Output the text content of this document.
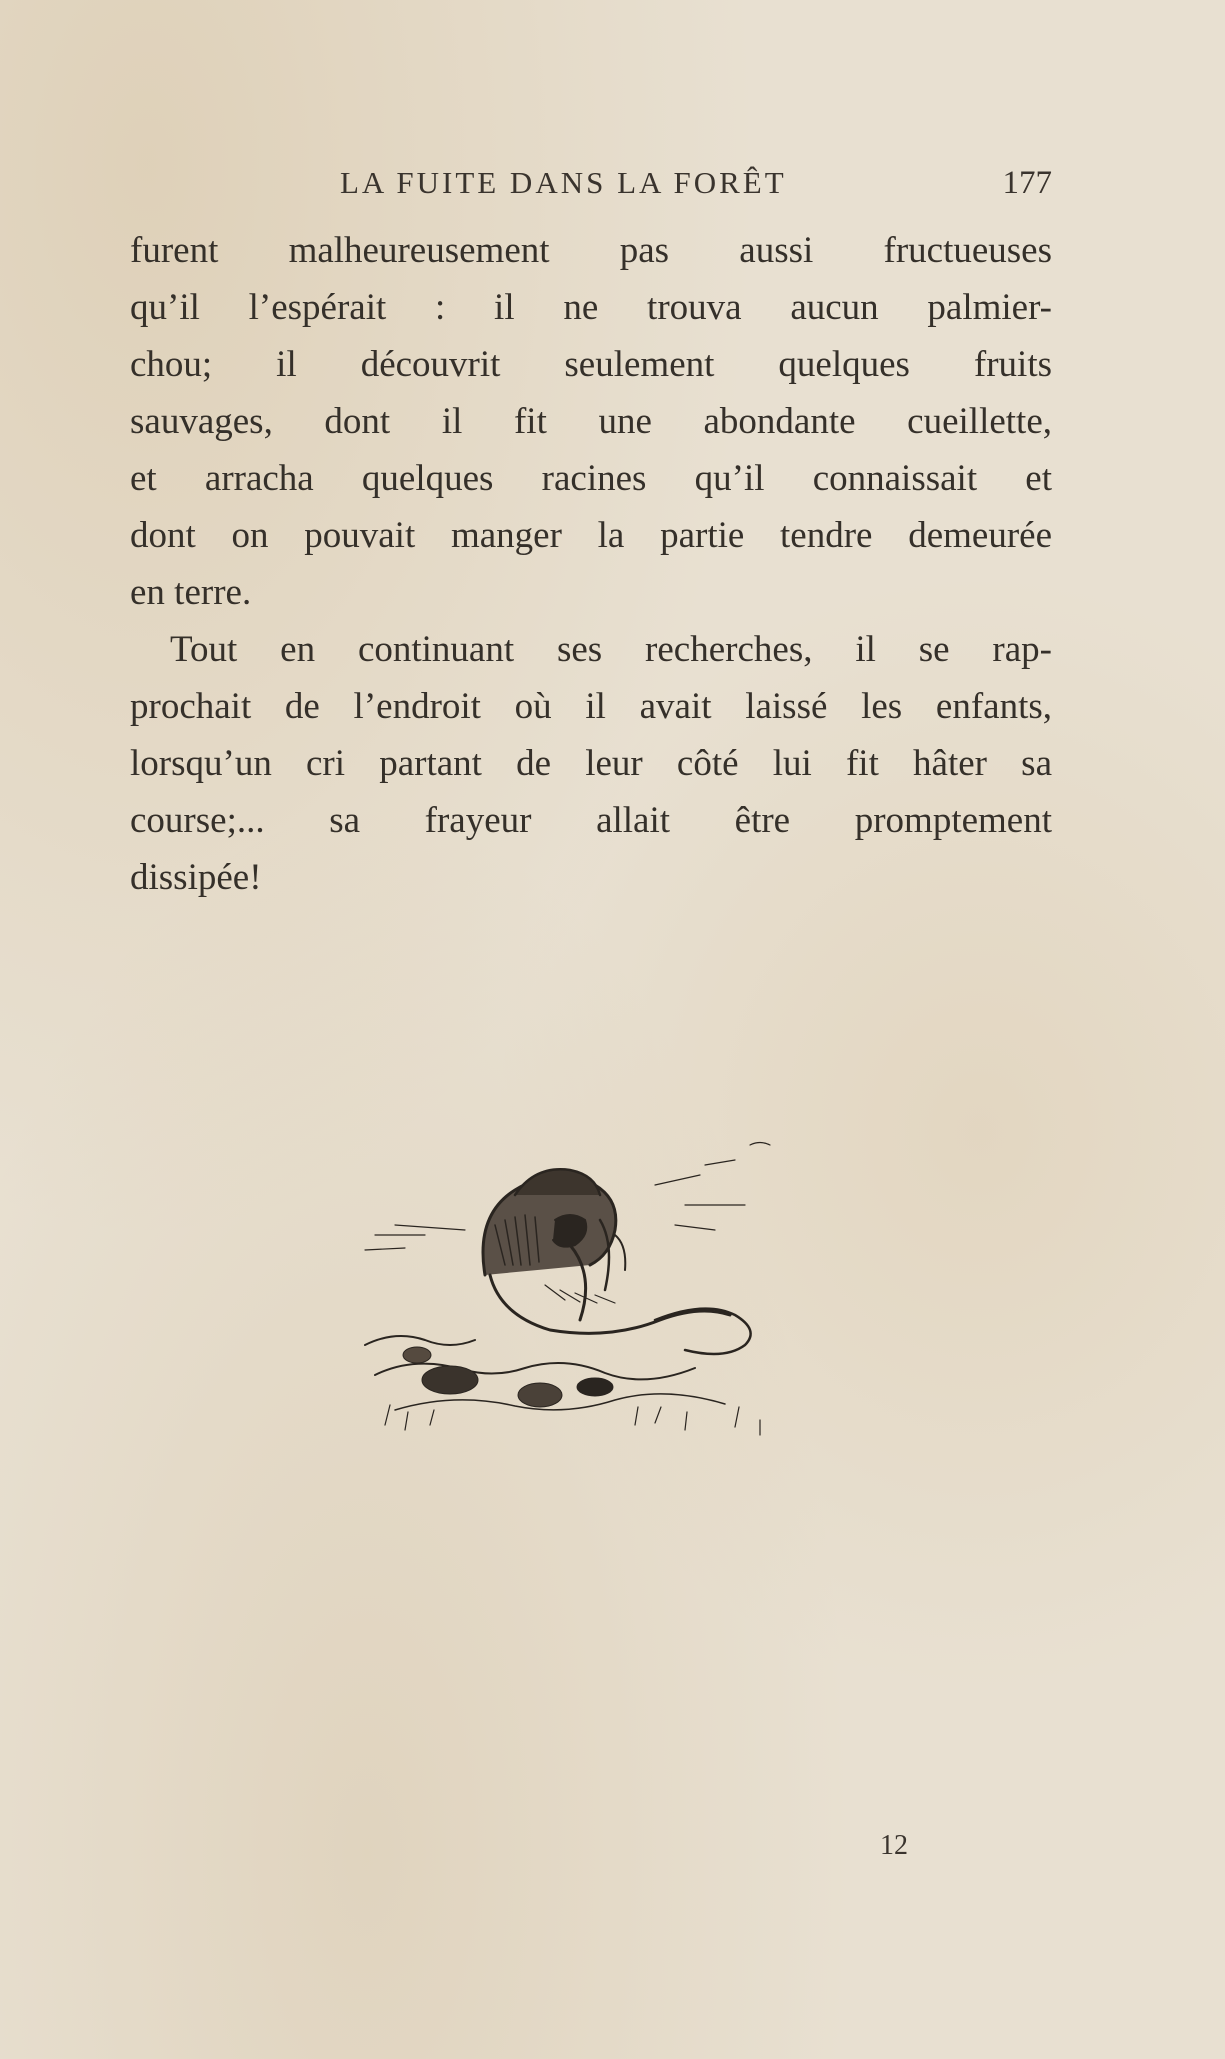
LA FUITE DANS LA FORÊT	177
furent malheureusement pas aussi fructueuses
qu’il l’espérait : il ne trouva aucun palmier-
chou; il découvrit seulement quelques fruits
sauvages, dont il fit une abondante cueillette,
et arracha quelques racines qu’il connaissait et
dont on pouvait manger la partie tendre demeurée
en terre.
Tout en continuant ses recherches, il se rap-
prochait de l’endroit où il avait laissé les enfants,
lorsqu’un cri partant de leur côté lui fit hâter sa
course;... sa frayeur allait être promptement
dissipée!
12
